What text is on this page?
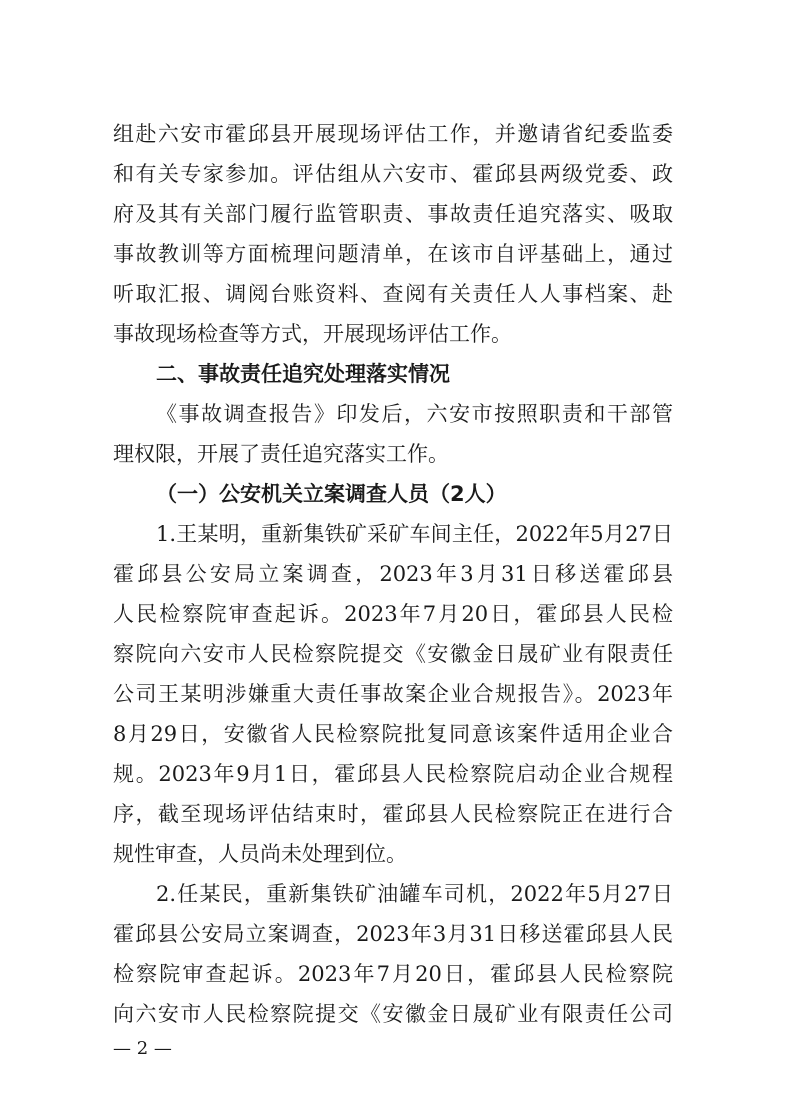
组赴六安市霍邱县开展现场评估工作，并邀请省纪委监委
和有关专家参加。评估组从六安市、霍邱县两级党委、政
府及其有关部门履行监管职责、事故责任追究落实、吸取
事故教训等方面梳理问题清单，在该市自评基础上，通过
听取汇报、调阅台账资料、查阅有关责任人人事档案、赴
事故现场检查等方式，开展现场评估工作。
二、事故责任追究处理落实情况
《事故调查报告》印发后，六安市按照职责和干部管
理权限，开展了责任追究落实工作。
（一）公安机关立案调查人员（2人）
1.王某明，重新集铁矿采矿车间主任，2022年5月27日
霍邱县公安局立案调查，2023年3月31日移送霍邱县
人民检察院审查起诉。2023年7月20日，霍邱县人民检
察院向六安市人民检察院提交《安徽金日晟矿业有限责任
公司王某明涉嫌重大责任事故案企业合规报告》。2023年
8月29日，安徽省人民检察院批复同意该案件适用企业合
规。2023年9月1日，霍邱县人民检察院启动企业合规程
序，截至现场评估结束时，霍邱县人民检察院正在进行合
规性审查，人员尚未处理到位。
2.任某民，重新集铁矿油罐车司机，2022年5月27日
霍邱县公安局立案调查，2023年3月31日移送霍邱县人民
检察院审查起诉。2023年7月20日，霍邱县人民检察院
向六安市人民检察院提交《安徽金日晟矿业有限责任公司
— 2 —
